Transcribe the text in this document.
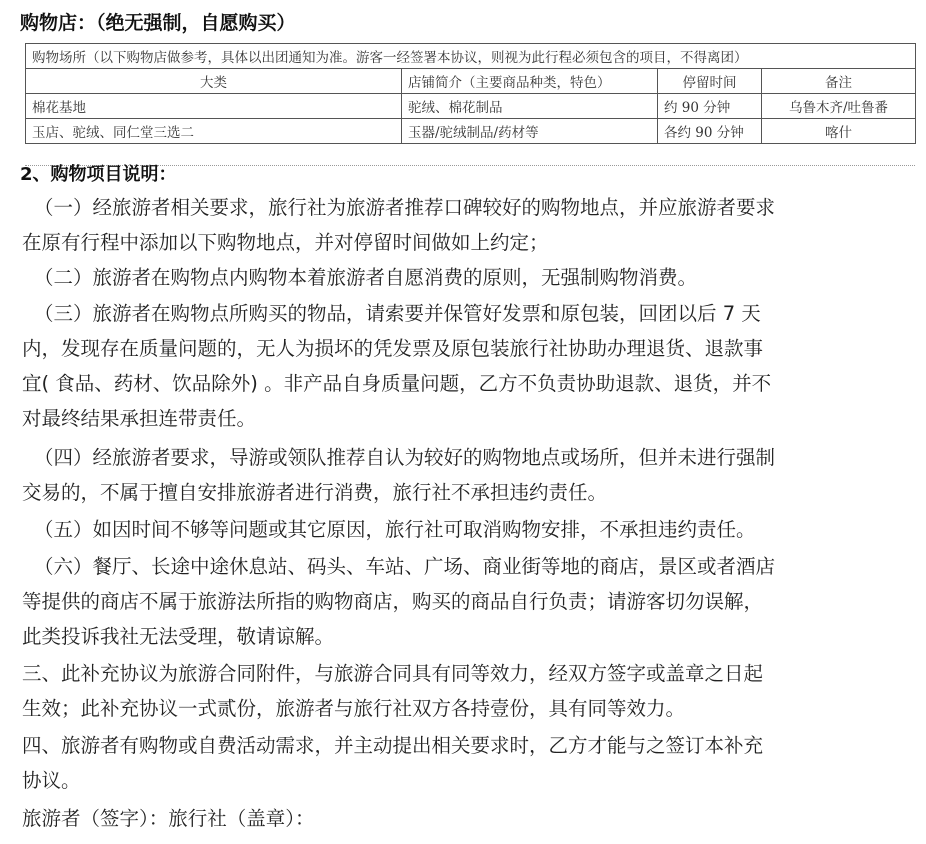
购物店：（绝无强制，自愿购买）
购物场所（以下购物店做参考，具体以出团通知为准。游客一经签署本协议，则视为此行程必须包含的项目，不得离团）			
大类	店铺简介（主要商品种类，特色）	停留时间	备注
棉花基地	驼绒、棉花制品	约 90 分钟	乌鲁木齐/吐鲁番
玉店、驼绒、同仁堂三选二	玉器/驼绒制品/药材等	各约 90 分钟	喀什
2、购物项目说明：
（一）经旅游者相关要求，旅行社为旅游者推荐口碑较好的购物地点，并应旅游者要求
在原有行程中添加以下购物地点，并对停留时间做如上约定；
（二）旅游者在购物点内购物本着旅游者自愿消费的原则，无强制购物消费。
（三）旅游者在购物点所购买的物品，请索要并保管好发票和原包装，回团以后 7 天
内，发现存在质量问题的，无人为损坏的凭发票及原包装旅行社协助办理退货、退款事
宜( 食品、药材、饮品除外) 。非产品自身质量问题，乙方不负责协助退款、退货，并不
对最终结果承担连带责任。
（四）经旅游者要求，导游或领队推荐自认为较好的购物地点或场所，但并未进行强制
交易的，不属于擅自安排旅游者进行消费，旅行社不承担违约责任。
（五）如因时间不够等问题或其它原因，旅行社可取消购物安排，不承担违约责任。
（六）餐厅、长途中途休息站、码头、车站、广场、商业街等地的商店，景区或者酒店
等提供的商店不属于旅游法所指的购物商店，购买的商品自行负责；请游客切勿误解，
此类投诉我社无法受理，敬请谅解。
三、此补充协议为旅游合同附件，与旅游合同具有同等效力，经双方签字或盖章之日起
生效；此补充协议一式贰份，旅游者与旅行社双方各持壹份，具有同等效力。
四、旅游者有购物或自费活动需求，并主动提出相关要求时，乙方才能与之签订本补充
协议。
旅游者（签字）：旅行社（盖章）：
